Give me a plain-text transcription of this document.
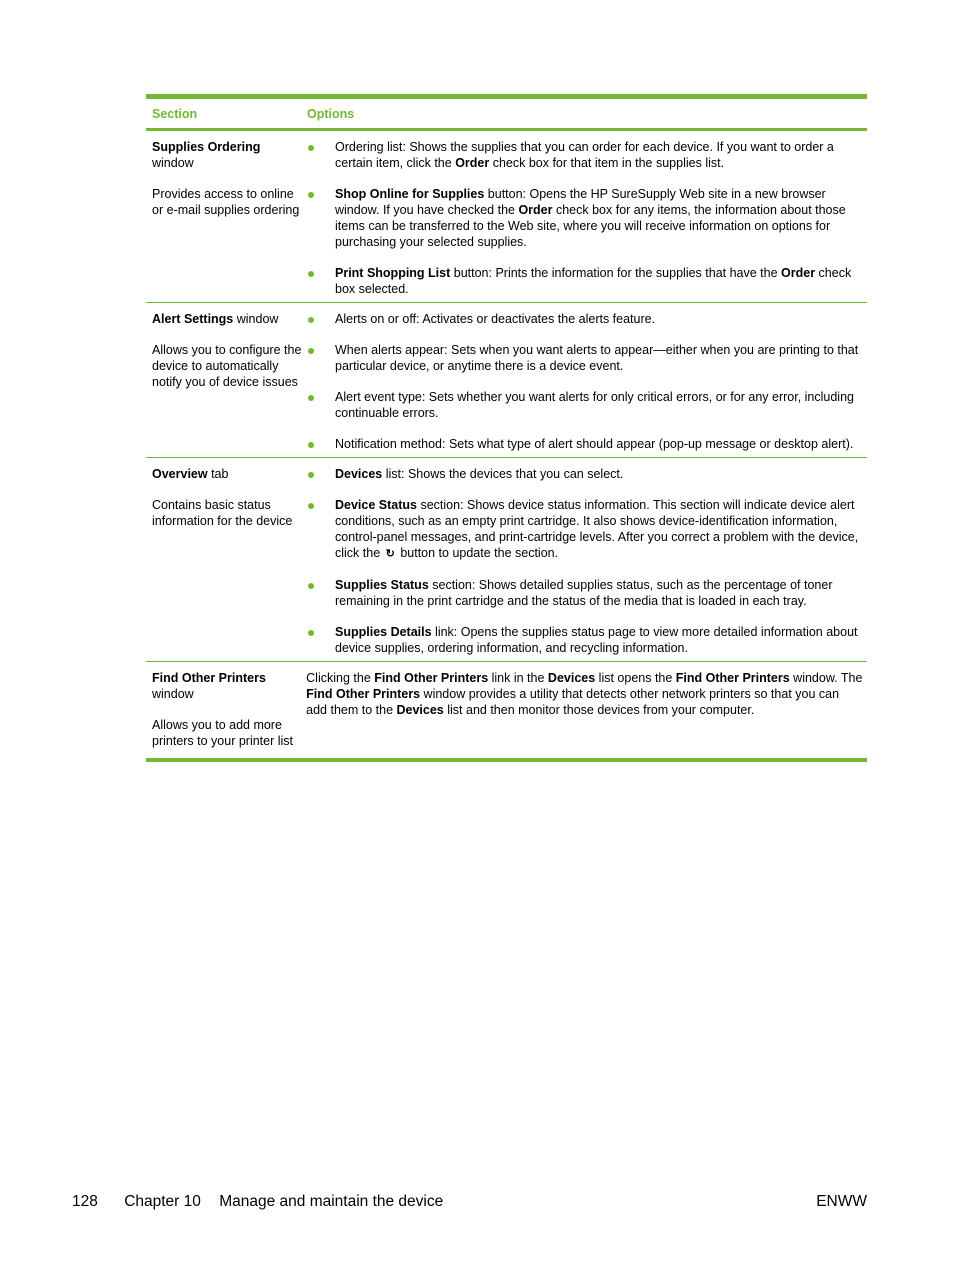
Section	Options
Supplies Ordering window
Provides access to online or e-mail supplies ordering
Ordering list: Shows the supplies that you can order for each device. If you want to order a certain item, click the Order check box for that item in the supplies list.
Shop Online for Supplies button: Opens the HP SureSupply Web site in a new browser window. If you have checked the Order check box for any items, the information about those items can be transferred to the Web site, where you will receive information on options for purchasing your selected supplies.
Print Shopping List button: Prints the information for the supplies that have the Order check box selected.
Alert Settings window
Allows you to configure the device to automatically notify you of device issues
Alerts on or off: Activates or deactivates the alerts feature.
When alerts appear: Sets when you want alerts to appear—either when you are printing to that particular device, or anytime there is a device event.
Alert event type: Sets whether you want alerts for only critical errors, or for any error, including continuable errors.
Notification method: Sets what type of alert should appear (pop-up message or desktop alert).
Overview tab
Contains basic status information for the device
Devices list: Shows the devices that you can select.
Device Status section: Shows device status information. This section will indicate device alert conditions, such as an empty print cartridge. It also shows device-identification information, control-panel messages, and print-cartridge levels. After you correct a problem with the device, click the ↻ button to update the section.
Supplies Status section: Shows detailed supplies status, such as the percentage of toner remaining in the print cartridge and the status of the media that is loaded in each tray.
Supplies Details link: Opens the supplies status page to view more detailed information about device supplies, ordering information, and recycling information.
Find Other Printers window
Allows you to add more printers to your printer list
Clicking the Find Other Printers link in the Devices list opens the Find Other Printers window. The Find Other Printers window provides a utility that detects other network printers so that you can add them to the Devices list and then monitor those devices from your computer.
128 Chapter 10 Manage and maintain the device	ENWW
